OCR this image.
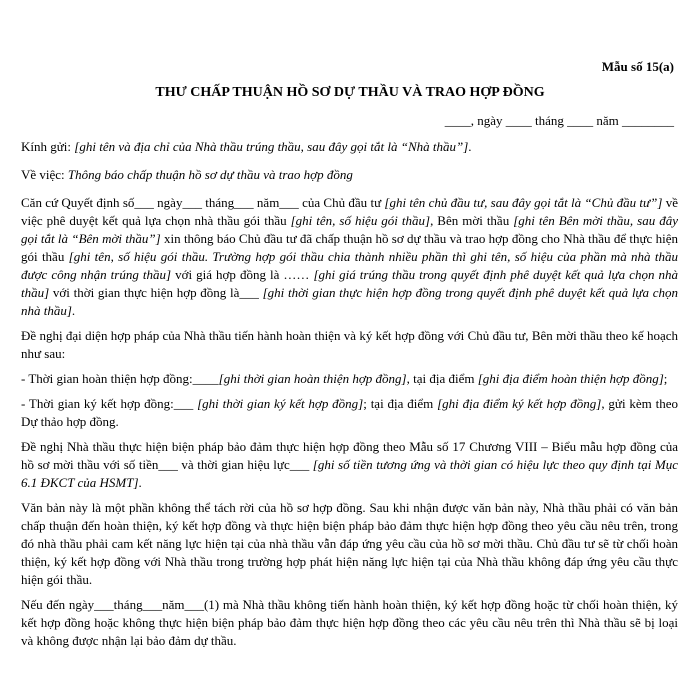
Mẫu số 15(a)
THƯ CHẤP THUẬN HỒ SƠ DỰ THẦU VÀ TRAO HỢP ĐỒNG
____, ngày ____ tháng ____ năm ________

Kính gửi: [ghi tên và địa chỉ của Nhà thầu trúng thầu, sau đây gọi tắt là “Nhà thầu”].

Về việc: Thông báo chấp thuận hồ sơ dự thầu và trao hợp đồng

Căn cứ Quyết định số___ ngày___ tháng___ năm___ của Chủ đầu tư [ghi tên chủ đầu tư, sau đây gọi tắt là “Chủ đầu tư”] về việc phê duyệt kết quả lựa chọn nhà thầu gói thầu [ghi tên, số hiệu gói thầu], Bên mời thầu [ghi tên Bên mời thầu, sau đây gọi tắt là “Bên mời thầu”] xin thông báo Chủ đầu tư đã chấp thuận hồ sơ dự thầu và trao hợp đồng cho Nhà thầu để thực hiện gói thầu [ghi tên, số hiệu gói thầu. Trường hợp gói thầu chia thành nhiều phần thì ghi tên, số hiệu của phần mà nhà thầu được công nhận trúng thầu] với giá hợp đồng là …… [ghi giá trúng thầu trong quyết định phê duyệt kết quả lựa chọn nhà thầu] với thời gian thực hiện hợp đồng là___ [ghi thời gian thực hiện hợp đồng trong quyết định phê duyệt kết quả lựa chọn nhà thầu].

Đề nghị đại diện hợp pháp của Nhà thầu tiến hành hoàn thiện và ký kết hợp đồng với Chủ đầu tư, Bên mời thầu theo kế hoạch như sau:

- Thời gian hoàn thiện hợp đồng:____[ghi thời gian hoàn thiện hợp đồng], tại địa điểm [ghi địa điểm hoàn thiện hợp đồng];

- Thời gian ký kết hợp đồng:___ [ghi thời gian ký kết hợp đồng]; tại địa điểm [ghi địa điểm ký kết hợp đồng], gửi kèm theo Dự thảo hợp đồng.

Đề nghị Nhà thầu thực hiện biện pháp bảo đảm thực hiện hợp đồng theo Mẫu số 17 Chương VIII – Biểu mẫu hợp đồng của hồ sơ mời thầu với số tiền___ và thời gian hiệu lực___ [ghi số tiền tương ứng và thời gian có hiệu lực theo quy định tại Mục 6.1 ĐKCT của HSMT].

Văn bản này là một phần không thể tách rời của hồ sơ hợp đồng. Sau khi nhận được văn bản này, Nhà thầu phải có văn bản chấp thuận đến hoàn thiện, ký kết hợp đồng và thực hiện biện pháp bảo đảm thực hiện hợp đồng theo yêu cầu nêu trên, trong đó nhà thầu phải cam kết năng lực hiện tại của nhà thầu vẫn đáp ứng yêu cầu của hồ sơ mời thầu. Chủ đầu tư sẽ từ chối hoàn thiện, ký kết hợp đồng với Nhà thầu trong trường hợp phát hiện năng lực hiện tại của Nhà thầu không đáp ứng yêu cầu thực hiện gói thầu.

Nếu đến ngày___tháng___năm___(1) mà Nhà thầu không tiến hành hoàn thiện, ký kết hợp đồng hoặc từ chối hoàn thiện, ký kết hợp đồng hoặc không thực hiện biện pháp bảo đảm thực hiện hợp đồng theo các yêu cầu nêu trên thì Nhà thầu sẽ bị loại và không được nhận lại bảo đảm dự thầu.
